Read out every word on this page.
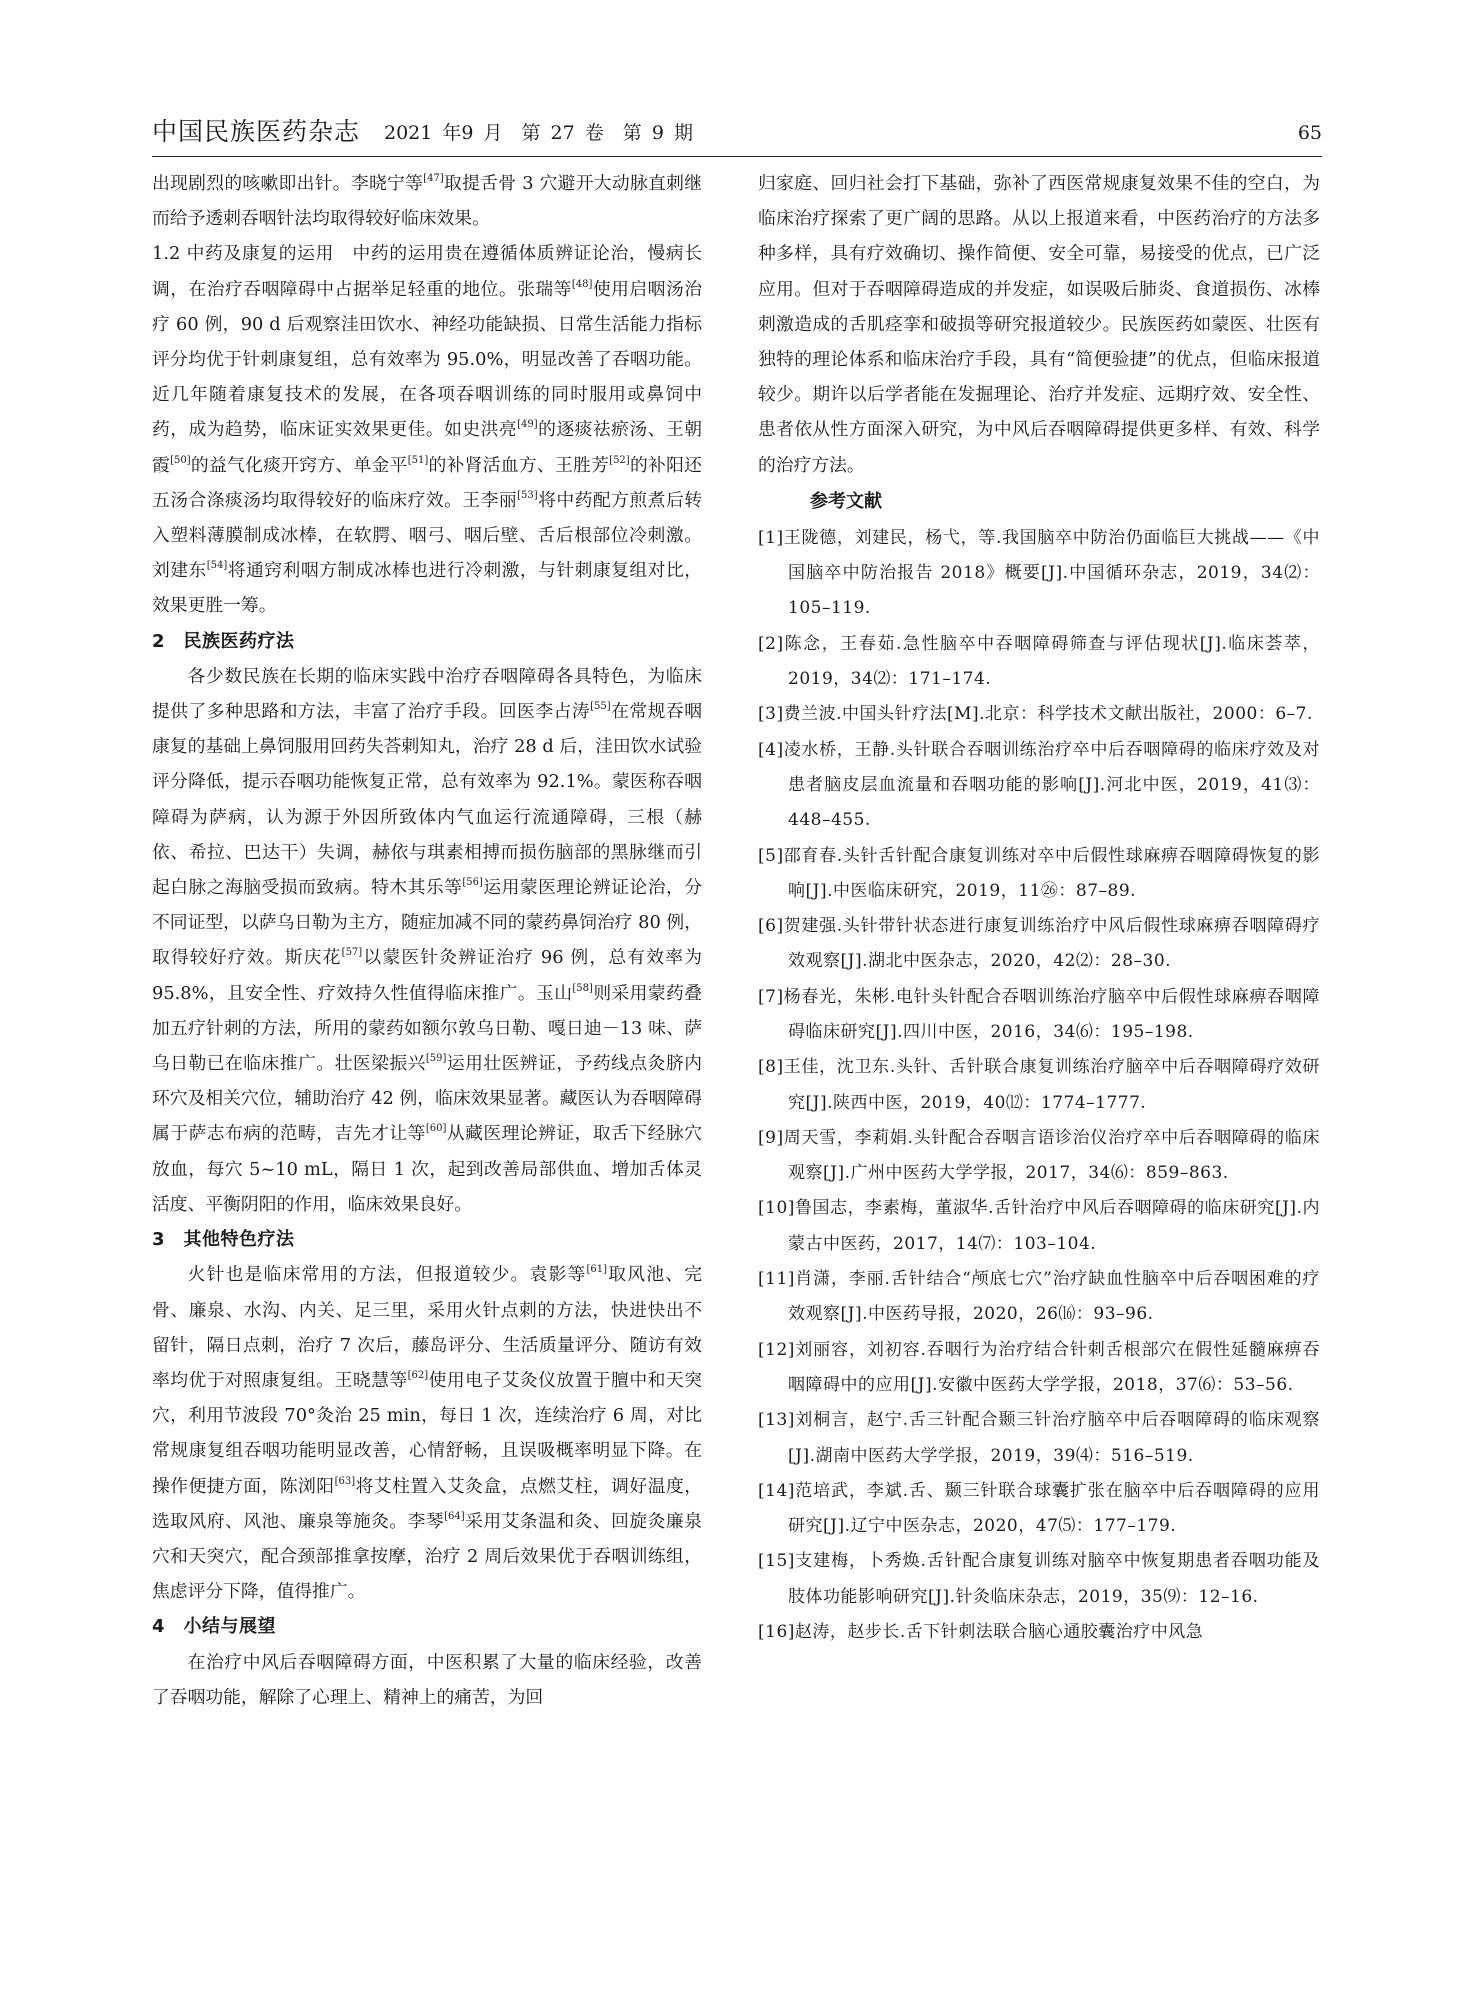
中国民族医药杂志 2021 年9 月　第 27 卷　第 9 期	65

出现剧烈的咳嗽即出针。李晓宁等[47]取提舌骨 3 穴避开大动脉直刺继而给予透刺吞咽针法均取得较好临床效果。

1.2 中药及康复的运用　中药的运用贵在遵循体质辨证论治，慢病长调，在治疗吞咽障碍中占据举足轻重的地位。张瑞等[48]使用启咽汤治疗 60 例，90 d 后观察洼田饮水、神经功能缺损、日常生活能力指标评分均优于针刺康复组，总有效率为 95.0%，明显改善了吞咽功能。近几年随着康复技术的发展，在各项吞咽训练的同时服用或鼻饲中药，成为趋势，临床证实效果更佳。如史洪亮[49]的逐痰祛瘀汤、王朝霞[50]的益气化痰开窍方、单金平[51]的补肾活血方、王胜芳[52]的补阳还五汤合涤痰汤均取得较好的临床疗效。王李丽[53]将中药配方煎煮后转入塑料薄膜制成冰棒，在软腭、咽弓、咽后壁、舌后根部位冷刺激。刘建东[54]将通窍利咽方制成冰棒也进行冷刺激，与针刺康复组对比，效果更胜一筹。

2　民族医药疗法

各少数民族在长期的临床实践中治疗吞咽障碍各具特色，为临床提供了多种思路和方法，丰富了治疗手段。回医李占涛[55]在常规吞咽康复的基础上鼻饲服用回药失荅剌知丸，治疗 28 d 后，洼田饮水试验评分降低，提示吞咽功能恢复正常，总有效率为 92.1%。蒙医称吞咽障碍为萨病，认为源于外因所致体内气血运行流通障碍，三根（赫依、希拉、巴达干）失调，赫依与琪素相搏而损伤脑部的黑脉继而引起白脉之海脑受损而致病。特木其乐等[56]运用蒙医理论辨证论治，分不同证型，以萨乌日勒为主方，随症加减不同的蒙药鼻饲治疗 80 例，取得较好疗效。斯庆花[57]以蒙医针灸辨证治疗 96 例，总有效率为 95.8%，且安全性、疗效持久性值得临床推广。玉山[58]则采用蒙药叠加五疗针刺的方法，所用的蒙药如额尔敦乌日勒、嘎日迪－13 味、萨乌日勒已在临床推广。壮医梁振兴[59]运用壮医辨证，予药线点灸脐内环穴及相关穴位，辅助治疗 42 例，临床效果显著。藏医认为吞咽障碍属于萨志布病的范畴，吉先才让等[60]从藏医理论辨证，取舌下经脉穴放血，每穴 5~10 mL，隔日 1 次，起到改善局部供血、增加舌体灵活度、平衡阴阳的作用，临床效果良好。

3　其他特色疗法

火针也是临床常用的方法，但报道较少。袁影等[61]取风池、完骨、廉泉、水沟、内关、足三里，采用火针点刺的方法，快进快出不留针，隔日点刺，治疗 7 次后，藤岛评分、生活质量评分、随访有效率均优于对照康复组。王晓慧等[62]使用电子艾灸仪放置于膻中和天突穴，利用节波段 70°灸治 25 min，每日 1 次，连续治疗 6 周，对比常规康复组吞咽功能明显改善，心情舒畅，且误吸概率明显下降。在操作便捷方面，陈浏阳[63]将艾柱置入艾灸盒，点燃艾柱，调好温度，选取风府、风池、廉泉等施灸。李琴[64]采用艾条温和灸、回旋灸廉泉穴和天突穴，配合颈部推拿按摩，治疗 2 周后效果优于吞咽训练组，焦虑评分下降，值得推广。

4　小结与展望

在治疗中风后吞咽障碍方面，中医积累了大量的临床经验，改善了吞咽功能，解除了心理上、精神上的痛苦，为回

归家庭、回归社会打下基础，弥补了西医常规康复效果不佳的空白，为临床治疗探索了更广阔的思路。从以上报道来看，中医药治疗的方法多种多样，具有疗效确切、操作简便、安全可靠，易接受的优点，已广泛应用。但对于吞咽障碍造成的并发症，如误吸后肺炎、食道损伤、冰棒刺激造成的舌肌痉挛和破损等研究报道较少。民族医药如蒙医、壮医有独特的理论体系和临床治疗手段，具有“简便验捷”的优点，但临床报道较少。期许以后学者能在发掘理论、治疗并发症、远期疗效、安全性、患者依从性方面深入研究，为中风后吞咽障碍提供更多样、有效、科学的治疗方法。

参考文献
[1]王陇德，刘建民，杨弋，等.我国脑卒中防治仍面临巨大挑战——《中国脑卒中防治报告 2018》概要[J].中国循环杂志，2019，34⑵：105–119.
[2]陈念，王春茹.急性脑卒中吞咽障碍筛查与评估现状[J].临床荟萃，2019，34⑵：171–174.
[3]费兰波.中国头针疗法[M].北京：科学技术文献出版社，2000：6–7.
[4]凌水桥，王静.头针联合吞咽训练治疗卒中后吞咽障碍的临床疗效及对患者脑皮层血流量和吞咽功能的影响[J].河北中医，2019，41⑶：448–455.
[5]邵育春.头针舌针配合康复训练对卒中后假性球麻痹吞咽障碍恢复的影响[J].中医临床研究，2019，11㉖：87–89.
[6]贺建强.头针带针状态进行康复训练治疗中风后假性球麻痹吞咽障碍疗效观察[J].湖北中医杂志，2020，42⑵：28–30.
[7]杨春光，朱彬.电针头针配合吞咽训练治疗脑卒中后假性球麻痹吞咽障碍临床研究[J].四川中医，2016，34⑹：195–198.
[8]王佳，沈卫东.头针、舌针联合康复训练治疗脑卒中后吞咽障碍疗效研究[J].陕西中医，2019，40⑿：1774–1777.
[9]周天雪，李莉娟.头针配合吞咽言语诊治仪治疗卒中后吞咽障碍的临床观察[J].广州中医药大学学报，2017，34⑹：859–863.
[10]鲁国志，李素梅，董淑华.舌针治疗中风后吞咽障碍的临床研究[J].内蒙古中医药，2017，14⑺：103–104.
[11]肖潇，李丽.舌针结合“颅底七穴”治疗缺血性脑卒中后吞咽困难的疗效观察[J].中医药导报，2020，26⒃：93–96.
[12]刘丽容，刘初容.吞咽行为治疗结合针刺舌根部穴在假性延髓麻痹吞咽障碍中的应用[J].安徽中医药大学学报，2018，37⑹：53–56.
[13]刘桐言，赵宁.舌三针配合颞三针治疗脑卒中后吞咽障碍的临床观察[J].湖南中医药大学学报，2019，39⑷：516–519.
[14]范培武，李斌.舌、颞三针联合球囊扩张在脑卒中后吞咽障碍的应用研究[J].辽宁中医杂志，2020，47⑸：177–179.
[15]支建梅，卜秀焕.舌针配合康复训练对脑卒中恢复期患者吞咽功能及肢体功能影响研究[J].针灸临床杂志，2019，35⑼：12–16.
[16]赵涛，赵步长.舌下针刺法联合脑心通胶囊治疗中风急
